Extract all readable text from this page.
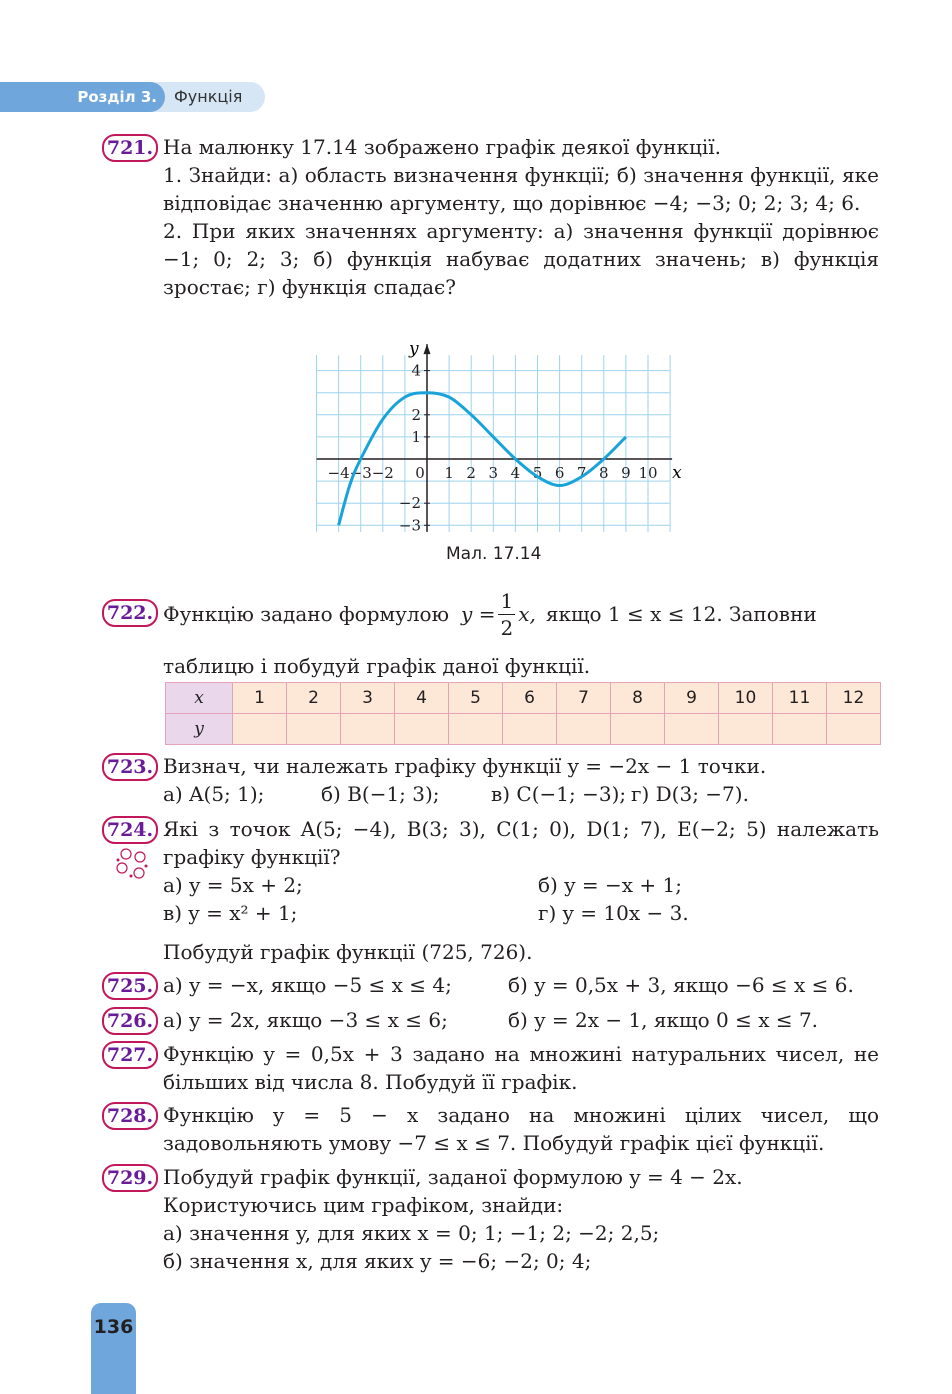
Розділ 3.	Функція
721. На малюнку 17.14 зображено графік деякої функції.

1. Знайди: а) область визначення функції; б) значення функції, яке відповідає значенню аргументу, що дорівнює −4; −3; 0; 2; 3; 4; 6.

2. При яких значеннях аргументу: а) значення функції дорівнює −1; 0; 2; 3; б) функція набуває додатних значень; в) функція зростає; г) функція спадає?

−4 −3 −2 0 1 2 3 4 5 6 7 8 9 10
4
2
1
−2
−3
x
y
Мал. 17.14
722. Функцію задано формулою $y = \frac{1}{2} x$, якщо 1 ≤ x ≤ 12. Заповни
таблицю і побудуй графік даної функції.
x	1	2	3	4	5	6	7	8	9	10	11	12
y												
723. Визнач, чи належать графіку функції y = −2x − 1 точки.

а) A(5; 1);	б) B(−1; 3);	в) C(−1; −3); г) D(3; −7).
724. Які з точок A(5; −4), B(3; 3), C(1; 0), D(1; 7), E(−2; 5) належать графіку функції?

а) y = 5x + 2;	б) y = −x + 1;
в) y = x² + 1;	г) y = 10x − 3.
Побудуй графік функції (725, 726).
725. а) y = −x, якщо −5 ≤ x ≤ 4;	б) y = 0,5x + 3, якщо −6 ≤ x ≤ 6.
726. а) y = 2x, якщо −3 ≤ x ≤ 6;	б) y = 2x − 1, якщо 0 ≤ x ≤ 7.
727. Функцію y = 0,5x + 3 задано на множині натуральних чисел, не більших від числа 8. Побудуй її графік.

728. Функцію y = 5 − x задано на множині цілих чисел, що задовольняють умову −7 ≤ x ≤ 7. Побудуй графік цієї функції.

729. Побудуй графік функції, заданої формулою y = 4 − 2x.

Користуючись цим графіком, знайди:

а) значення y, для яких x = 0; 1; −1; 2; −2; 2,5;

б) значення x, для яких y = −6; −2; 0; 4;

136
